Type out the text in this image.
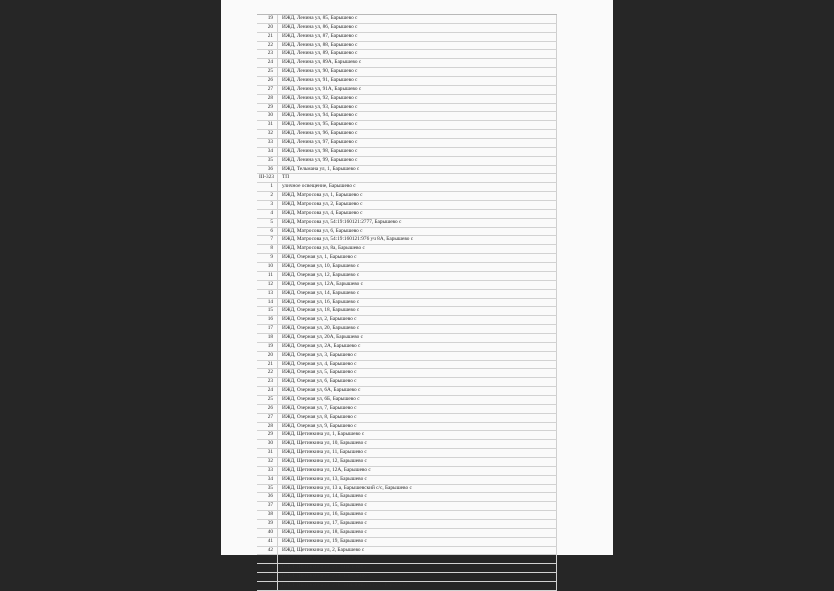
19	ИЖД, Ленина ул, 85, Барышево с
20	ИЖД, Ленина ул, 86, Барышево с
21	ИЖД, Ленина ул, 87, Барышево с
22	ИЖД, Ленина ул, 88, Барышево с
23	ИЖД, Ленина ул, 89, Барышево с
24	ИЖД, Ленина ул, 89А, Барышево с
25	ИЖД, Ленина ул, 90, Барышево с
26	ИЖД, Ленина ул, 91, Барышево с
27	ИЖД, Ленина ул, 91А, Барышево с
28	ИЖД, Ленина ул, 92, Барышево с
29	ИЖД, Ленина ул, 93, Барышево с
30	ИЖД, Ленина ул, 94, Барышево с
31	ИЖД, Ленина ул, 95, Барышево с
32	ИЖД, Ленина ул, 96, Барышево с
33	ИЖД, Ленина ул, 97, Барышево с
34	ИЖД, Ленина ул, 98, Барышево с
35	ИЖД, Ленина ул, 99, Барышево с
36	ИЖД, Тельмана ул, 1, Барышево с
III-323	ТП
1	уличное освещение, Барышево с
2	ИЖД, Матросова ул, 1, Барышево с
3	ИЖД, Матросова ул, 2, Барышево с
4	ИЖД, Матросова ул, 4, Барышево с
5	ИЖД, Матросова ул, 54:19:160121:2777, Барышево с
6	ИЖД, Матросова ул, 6, Барышево с
7	ИЖД, Матросова ул, 54:19:160121:976 уч 8А, Барышево с
8	ИЖД, Матросова ул, 8а, Барышево с
9	ИЖД, Озерная ул, 1, Барышево с
10	ИЖД, Озерная ул, 10, Барышево с
11	ИЖД, Озерная ул, 12, Барышево с
12	ИЖД, Озерная ул, 12А, Барышево с
13	ИЖД, Озерная ул, 14, Барышево с
14	ИЖД, Озерная ул, 16, Барышево с
15	ИЖД, Озерная ул, 18, Барышево с
16	ИЖД, Озерная ул, 2, Барышево с
17	ИЖД, Озерная ул, 20, Барышево с
18	ИЖД, Озерная ул, 20А, Барышево с
19	ИЖД, Озерная ул, 2А, Барышево с
20	ИЖД, Озерная ул, 3, Барышево с
21	ИЖД, Озерная ул, 4, Барышево с
22	ИЖД, Озерная ул, 5, Барышево с
23	ИЖД, Озерная ул, 6, Барышево с
24	ИЖД, Озерная ул, 6А, Барышево с
25	ИЖД, Озерная ул, 6Б, Барышево с
26	ИЖД, Озерная ул, 7, Барышево с
27	ИЖД, Озерная ул, 8, Барышево с
28	ИЖД, Озерная ул, 9, Барышево с
29	ИЖД, Щетинкина ул, 1, Барышево с
30	ИЖД, Щетинкина ул, 10, Барышево с
31	ИЖД, Щетинкина ул, 11, Барышево с
32	ИЖД, Щетинкина ул, 12, Барышево с
33	ИЖД, Щетинкина ул, 12А, Барышево с
34	ИЖД, Щетинкина ул, 13, Барышево с
35	ИЖД, Щетинкина ул, 13 а, Барышевский с/с, Барышево с
36	ИЖД, Щетинкина ул, 14, Барышево с
37	ИЖД, Щетинкина ул, 15, Барышево с
38	ИЖД, Щетинкина ул, 16, Барышево с
39	ИЖД, Щетинкина ул, 17, Барышево с
40	ИЖД, Щетинкина ул, 18, Барышево с
41	ИЖД, Щетинкина ул, 19, Барышево с
42	ИЖД, Щетинкина ул, 2, Барышево с
43	ИЖД, Щетинкина ул, 20, Барышево с
44	ИЖД, Щетинкина ул, 21, Барышево с
45	ИЖД, Щетинкина ул, 21А, Барышево с
46	ИЖД, Щетинкина ул, 21Б, Барышевский с/с, Барышево с
